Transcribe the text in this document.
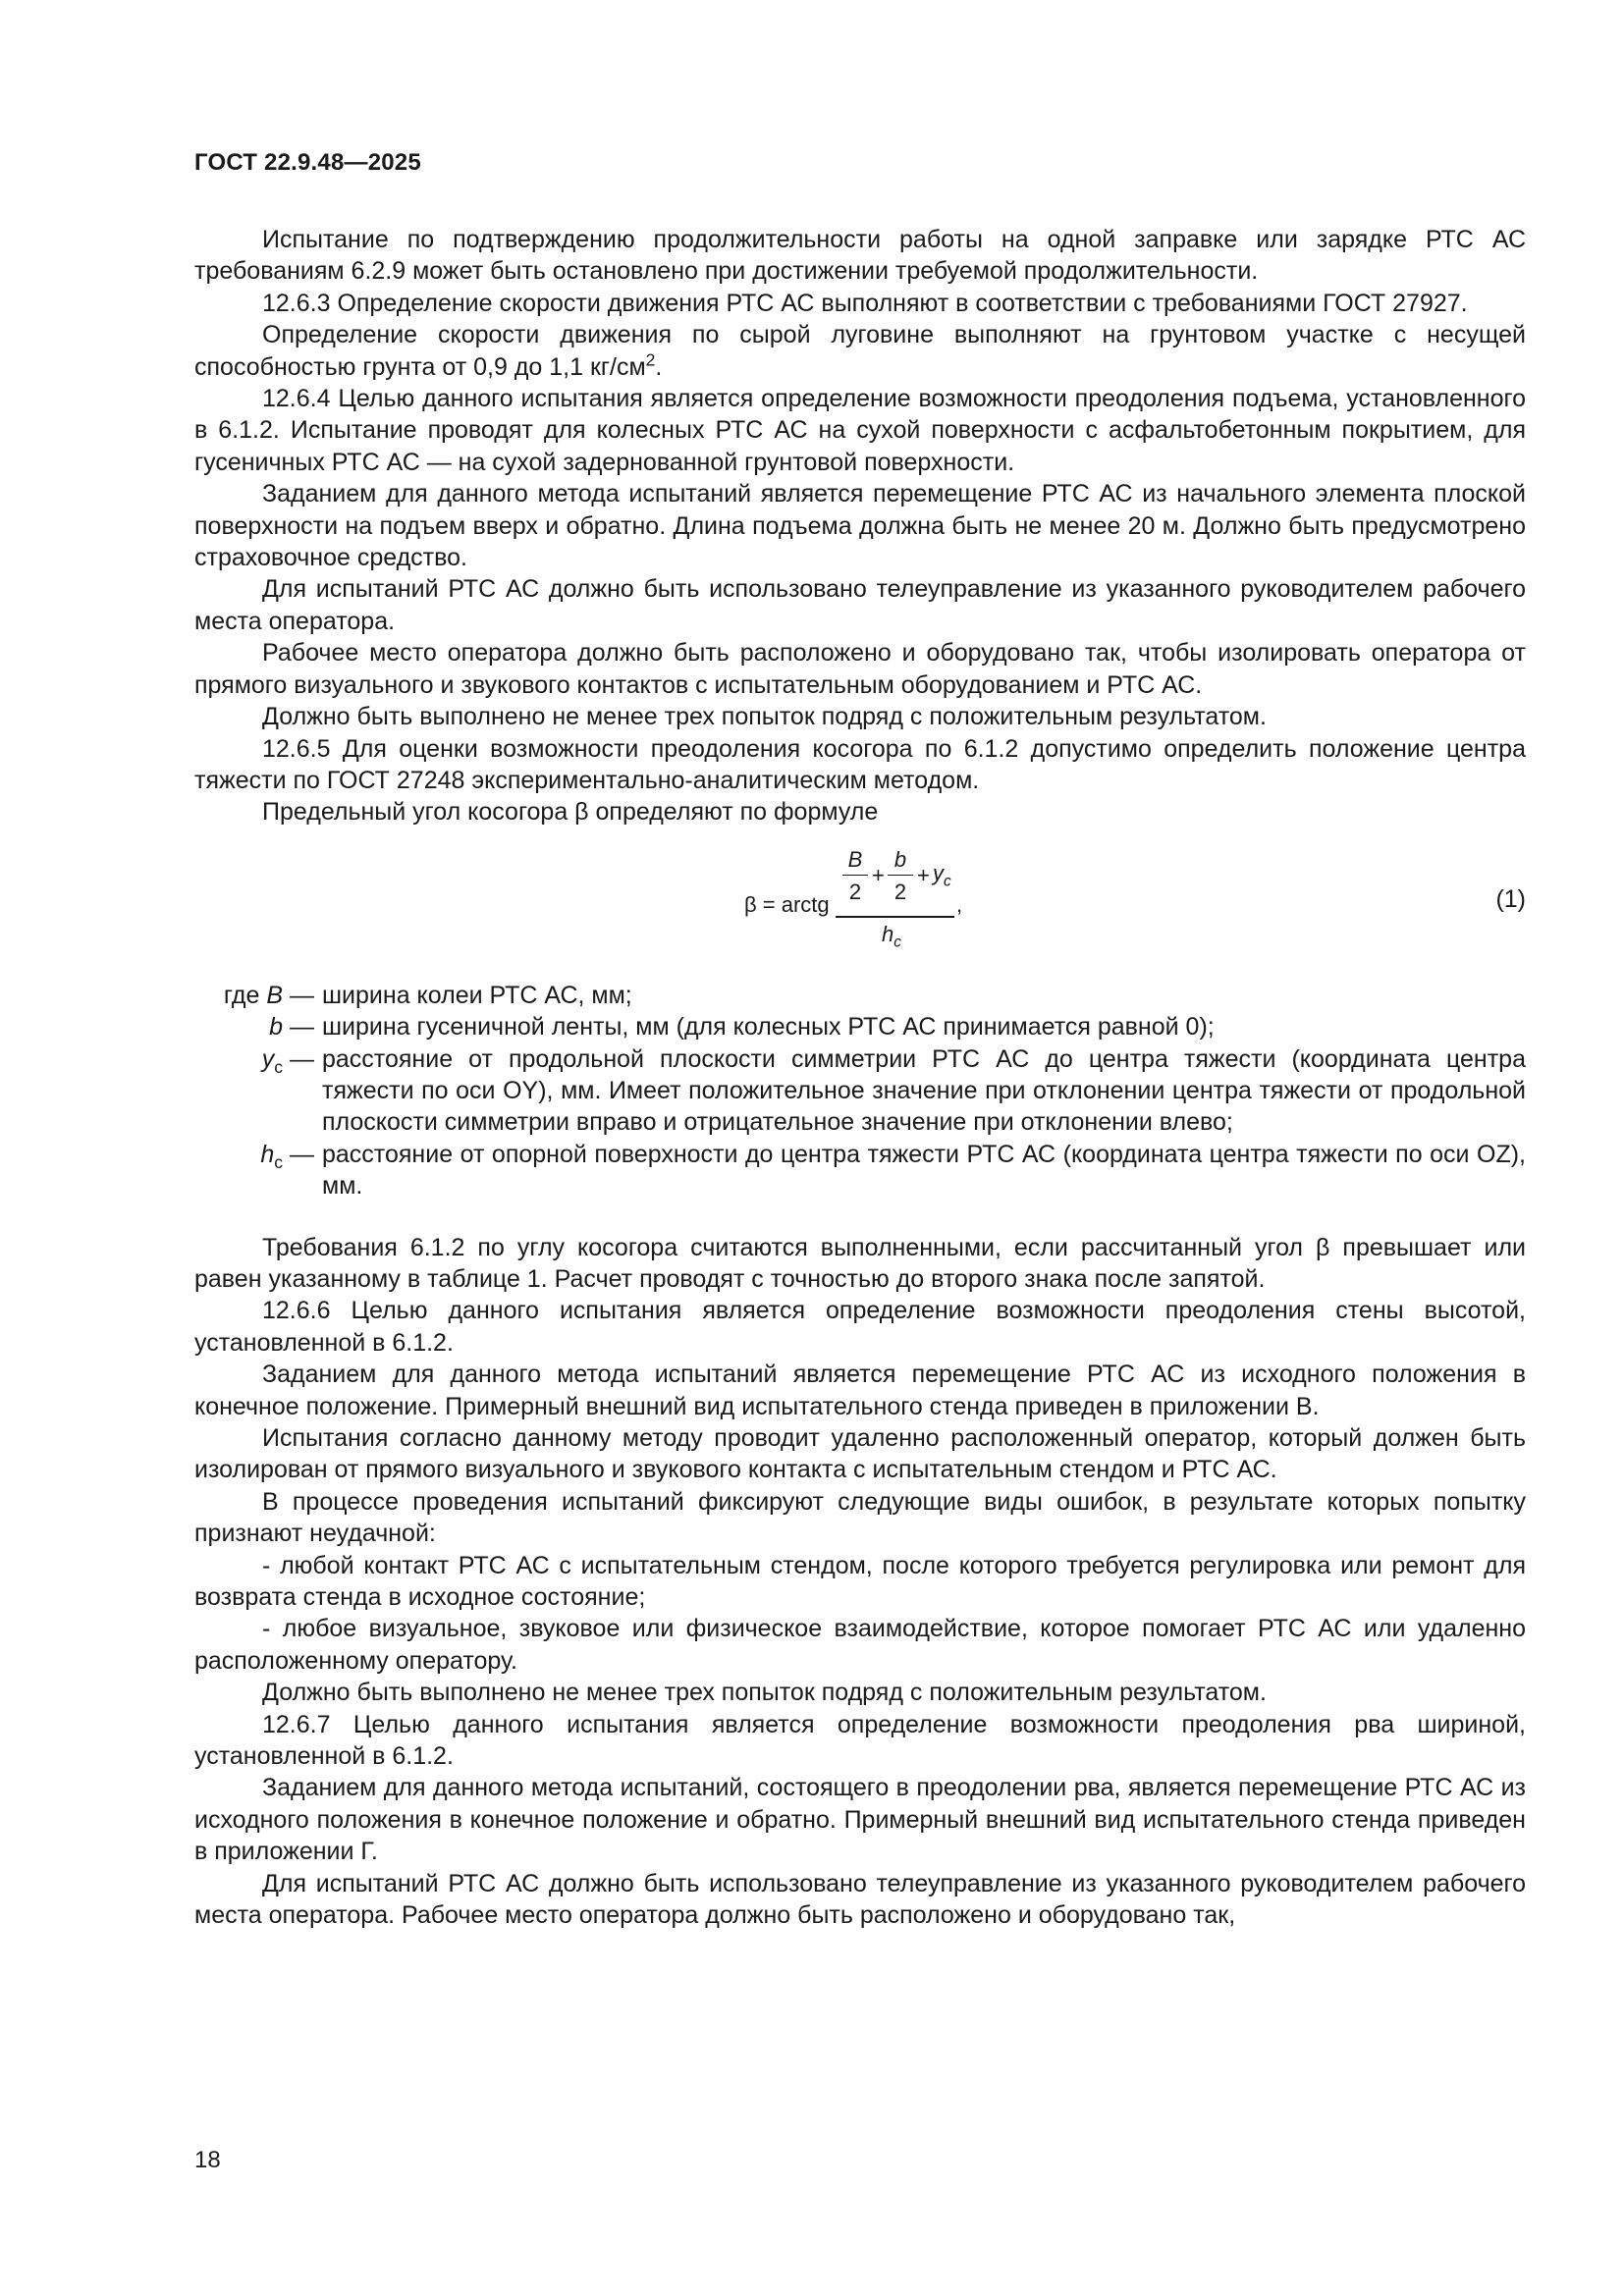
ГОСТ 22.9.48—2025

Испытание по подтверждению продолжительности работы на одной заправке или зарядке РТС АС требованиям 6.2.9 может быть остановлено при достижении требуемой продолжительности.

12.6.3 Определение скорости движения РТС АС выполняют в соответствии с требованиями ГОСТ 27927.

Определение скорости движения по сырой луговине выполняют на грунтовом участке с несущей способностью грунта от 0,9 до 1,1 $кг/см^2$.

12.6.4 Целью данного испытания является определение возможности преодоления подъема, установленного в 6.1.2. Испытание проводят для колесных РТС АС на сухой поверхности с асфальтобетонным покрытием, для гусеничных РТС АС — на сухой задернованной грунтовой поверхности.

Заданием для данного метода испытаний является перемещение РТС АС из начального элемента плоской поверхности на подъем вверх и обратно. Длина подъема должна быть не менее 20 м. Должно быть предусмотрено страховочное средство.

Для испытаний РТС АС должно быть использовано телеуправление из указанного руководителем рабочего места оператора.

Рабочее место оператора должно быть расположено и оборудовано так, чтобы изолировать оператора от прямого визуального и звукового контактов с испытательным оборудованием и РТС АС.

Должно быть выполнено не менее трех попыток подряд с положительным результатом.

12.6.5 Для оценки возможности преодоления косогора по 6.1.2 допустимо определить положение центра тяжести по ГОСТ 27248 экспериментально-аналитическим методом.

Предельный угол косогора β определяют по формуле

β = arctg
B
2
+
b
2
+ $y_c$
$h_c$
,	(1)
где B — ширина колеи РТС АС, мм;
b — ширина гусеничной ленты, мм (для колесных РТС АС принимается равной 0);
$y_c$ — расстояние от продольной плоскости симметрии РТС АС до центра тяжести (координата центра тяжести по оси OY), мм. Имеет положительное значение при отклонении центра тяжести от продольной плоскости симметрии вправо и отрицательное значение при отклонении влево;
$h_c$ — расстояние от опорной поверхности до центра тяжести РТС АС (координата центра тяжести по оси OZ), мм.

Требования 6.1.2 по углу косогора считаются выполненными, если рассчитанный угол β превышает или равен указанному в таблице 1. Расчет проводят с точностью до второго знака после запятой.

12.6.6 Целью данного испытания является определение возможности преодоления стены высотой, установленной в 6.1.2.

Заданием для данного метода испытаний является перемещение РТС АС из исходного положения в конечное положение. Примерный внешний вид испытательного стенда приведен в приложении В.

Испытания согласно данному методу проводит удаленно расположенный оператор, который должен быть изолирован от прямого визуального и звукового контакта с испытательным стендом и РТС АС.

В процессе проведения испытаний фиксируют следующие виды ошибок, в результате которых попытку признают неудачной:

- любой контакт РТС АС с испытательным стендом, после которого требуется регулировка или ремонт для возврата стенда в исходное состояние;

- любое визуальное, звуковое или физическое взаимодействие, которое помогает РТС АС или удаленно расположенному оператору.

Должно быть выполнено не менее трех попыток подряд с положительным результатом.

12.6.7 Целью данного испытания является определение возможности преодоления рва шириной, установленной в 6.1.2.

Заданием для данного метода испытаний, состоящего в преодолении рва, является перемещение РТС АС из исходного положения в конечное положение и обратно. Примерный внешний вид испытательного стенда приведен в приложении Г.

Для испытаний РТС АС должно быть использовано телеуправление из указанного руководителем рабочего места оператора. Рабочее место оператора должно быть расположено и оборудовано так,

18
